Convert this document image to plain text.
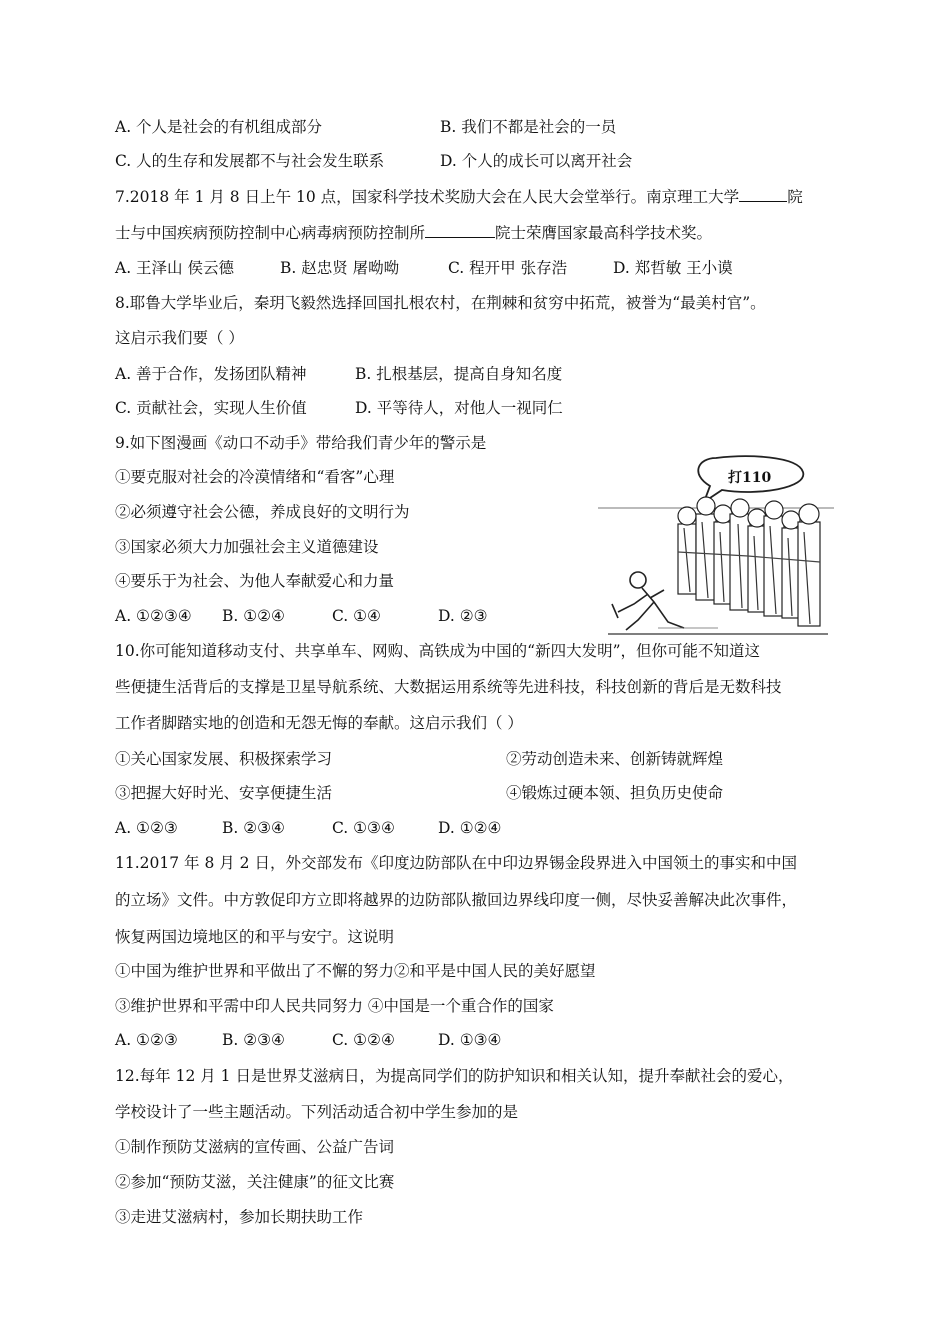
A. 个人是社会的有机组成部分	B. 我们不都是社会的一员
C. 人的生存和发展都不与社会发生联系	D. 个人的成长可以离开社会
7.2018 年 1 月 8 日上午 10 点，国家科学技术奖励大会在人民大会堂举行。南京理工大学	院
士与中国疾病预防控制中心病毒病预防控制所	院士荣膺国家最高科学技术奖。
A. 王泽山 侯云德	B. 赵忠贤 屠呦呦	C. 程开甲 张存浩	D. 郑哲敏 王小谟
8.耶鲁大学毕业后，秦玥飞毅然选择回国扎根农村，在荆棘和贫穷中拓荒，被誉为“最美村官”。
这启示我们要（ ）
A. 善于合作，发扬团队精神	B. 扎根基层，提高自身知名度
C. 贡献社会，实现人生价值	D. 平等待人，对他人一视同仁
9.如下图漫画《动口不动手》带给我们青少年的警示是
①要克服对社会的冷漠情绪和“看客”心理
②必须遵守社会公德，养成良好的文明行为
③国家必须大力加强社会主义道德建设
④要乐于为社会、为他人奉献爱心和力量
A. ①②③④ B. ①②④	C. ①④	D. ②③
打110
10.你可能知道移动支付、共享单车、网购、高铁成为中国的“新四大发明”，但你可能不知道这
些便捷生活背后的支撑是卫星导航系统、大数据运用系统等先进科技，科技创新的背后是无数科技
工作者脚踏实地的创造和无怨无悔的奉献。这启示我们（ ）
①关心国家发展、积极探索学习	②劳动创造未来、创新铸就辉煌
③把握大好时光、安享便捷生活	④锻炼过硬本领、担负历史使命
A. ①②③	B. ②③④	C. ①③④	D. ①②④
11.2017 年 8 月 2 日，外交部发布《印度边防部队在中印边界锡金段界进入中国领土的事实和中国
的立场》文件。中方敦促印方立即将越界的边防部队撤回边界线印度一侧，尽快妥善解决此次事件，
恢复两国边境地区的和平与安宁。这说明
①中国为维护世界和平做出了不懈的努力②和平是中国人民的美好愿望
③维护世界和平需中印人民共同努力 ④中国是一个重合作的国家
A. ①②③	B. ②③④	C. ①②④	D. ①③④
12.每年 12 月 1 日是世界艾滋病日，为提高同学们的防护知识和相关认知，提升奉献社会的爱心，
学校设计了一些主题活动。下列活动适合初中学生参加的是
①制作预防艾滋病的宣传画、公益广告词
②参加“预防艾滋，关注健康”的征文比赛
③走进艾滋病村，参加长期扶助工作
